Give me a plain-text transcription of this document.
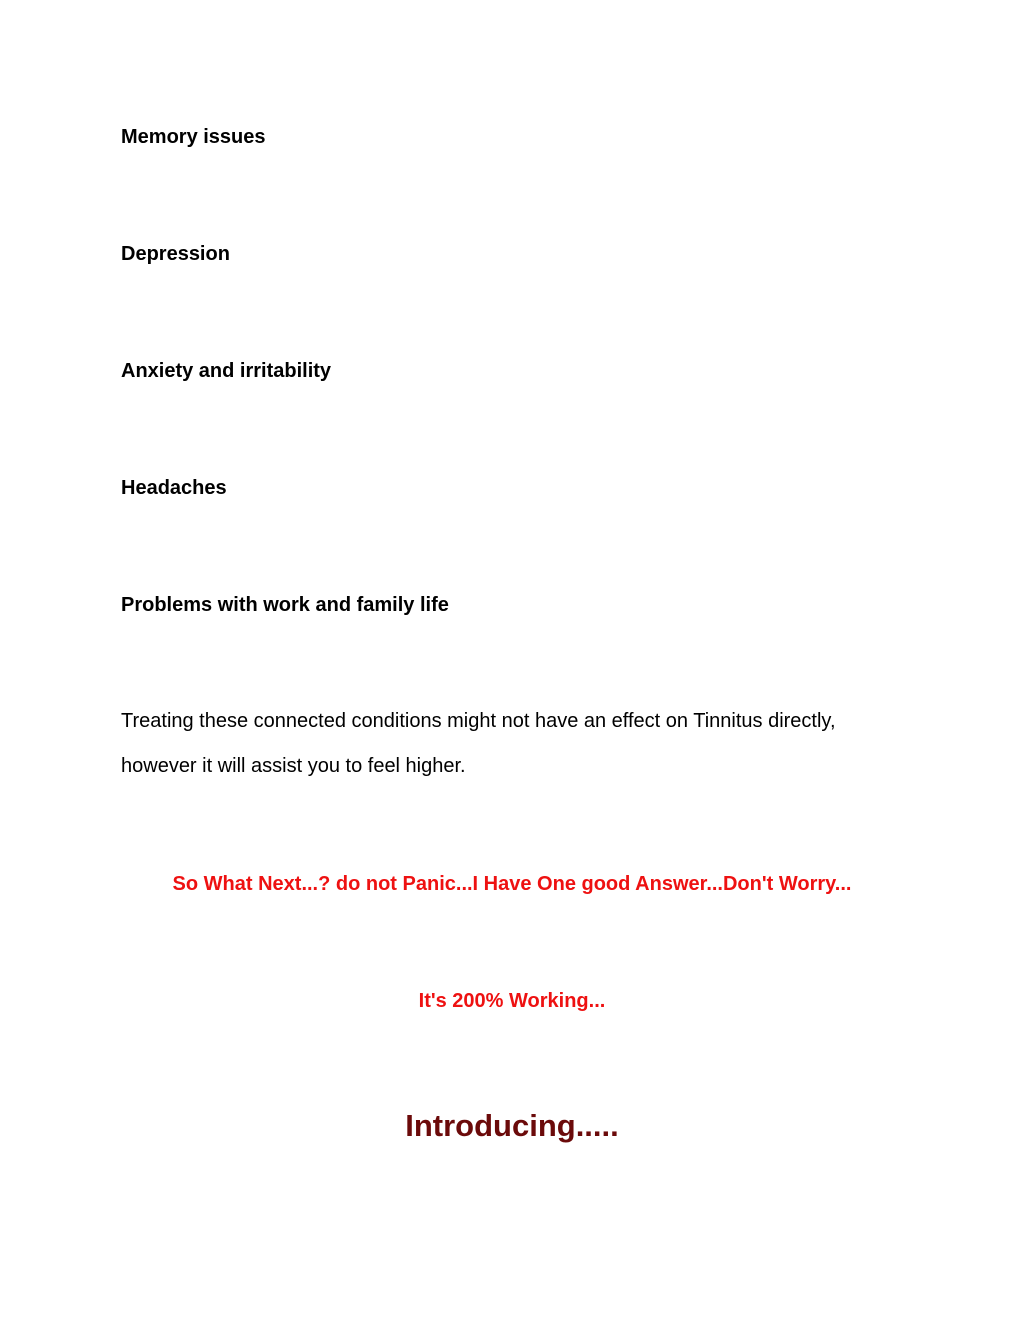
Memory issues

Depression

Anxiety and irritability

Headaches

Problems with work and family life

Treating these connected conditions might not have an effect on Tinnitus directly, however it will assist you to feel higher.

So What Next...? do not Panic...I Have One good Answer...Don't Worry...

It's 200% Working...

Introducing.....
